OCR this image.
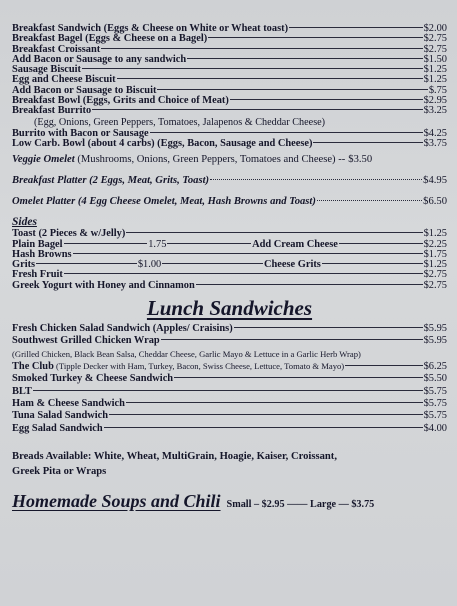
Breakfast Sandwich (Eggs & Cheese on White or Wheat toast)	$2.00
Breakfast Bagel (Eggs & Cheese on a Bagel)	$2.75
Breakfast Croissant	$2.75
Add Bacon or Sausage to any sandwich	$1.50
Sausage Biscuit	$1.25
Egg and Cheese Biscuit	$1.25
Add Bacon or Sausage to Biscuit	$.75
Breakfast Bowl (Eggs, Grits and Choice of Meat)	$2.95
Breakfast Burrito	$3.25
(Egg, Onions, Green Peppers, Tomatoes, Jalapenos & Cheddar Cheese)
Burrito with Bacon or Sausage	$4.25
Low Carb. Bowl (about 4 carbs) (Eggs, Bacon, Sausage and Cheese)	$3.75
Veggie Omelet (Mushrooms, Onions, Green Peppers, Tomatoes and Cheese) -- $3.50
Breakfast Platter (2 Eggs, Meat, Grits, Toast)	$4.95
Omelet Platter (4 Egg Cheese Omelet, Meat, Hash Browns and Toast)	$6.50
Sides
Toast (2 Pieces & w/Jelly)	$1.25
Plain Bagel	1.75	Add Cream Cheese	$2.25
Hash Browns	$1.75
Grits	$1.00	Cheese Grits	$1.25
Fresh Fruit	$2.75
Greek Yogurt with Honey and Cinnamon	$2.75
Lunch Sandwiches
Fresh Chicken Salad Sandwich (Apples/ Craisins)	$5.95
Southwest Grilled Chicken Wrap	$5.95
(Grilled Chicken, Black Bean Salsa, Cheddar Cheese, Garlic Mayo & Lettuce in a Garlic Herb Wrap)
The Club (Tipple Decker with Ham, Turkey, Bacon, Swiss Cheese, Lettuce, Tomato & Mayo)	$6.25
Smoked Turkey & Cheese Sandwich	$5.50
BLT	$5.75
Ham & Cheese Sandwich	$5.75
Tuna Salad Sandwich	$5.75
Egg Salad Sandwich	$4.00
Breads Available: White, Wheat, MultiGrain, Hoagie, Kaiser, Croissant,
Greek Pita or Wraps
Homemade Soups and Chili Small – $2.95 —— Large — $3.75
